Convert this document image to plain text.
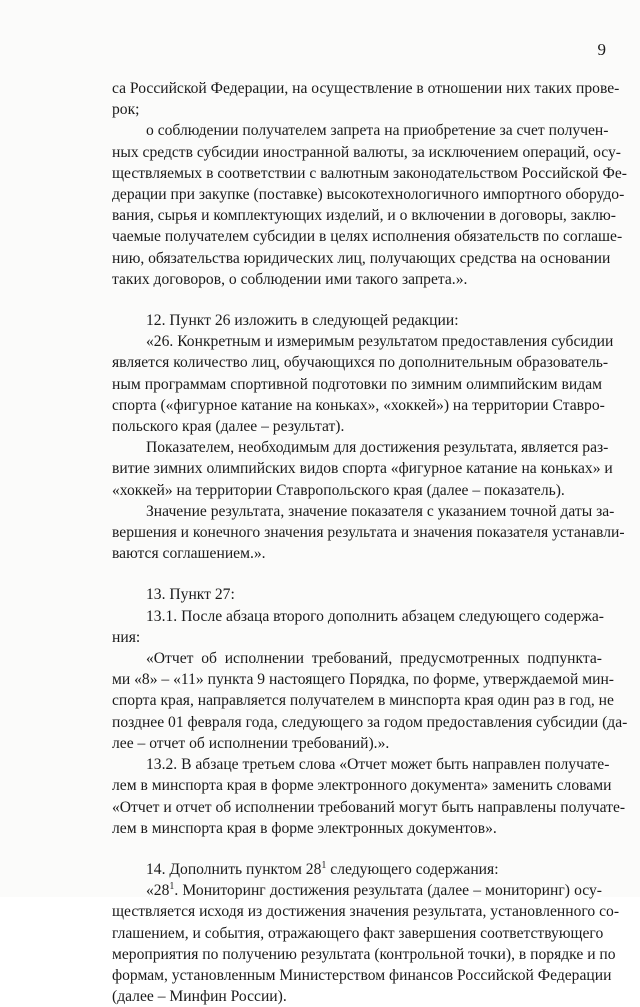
9
са Российской Федерации, на осуществление в отношении них таких прове-
рок;
о соблюдении получателем запрета на приобретение за счет получен-
ных средств субсидии иностранной валюты, за исключением операций, осу-
ществляемых в соответствии с валютным законодательством Российской Фе-
дерации при закупке (поставке) высокотехнологичного импортного оборудо-
вания, сырья и комплектующих изделий, и о включении в договоры, заклю-
чаемые получателем субсидии в целях исполнения обязательств по соглаше-
нию, обязательства юридических лиц, получающих средства на основании
таких договоров, о соблюдении ими такого запрета.».
12. Пункт 26 изложить в следующей редакции:
«26. Конкретным и измеримым результатом предоставления субсидии
является количество лиц, обучающихся по дополнительным образователь-
ным программам спортивной подготовки по зимним олимпийским видам
спорта («фигурное катание на коньках», «хоккей») на территории Ставро-
польского края (далее – результат).
Показателем, необходимым для достижения результата, является раз-
витие зимних олимпийских видов спорта «фигурное катание на коньках» и
«хоккей» на территории Ставропольского края (далее – показатель).
Значение результата, значение показателя с указанием точной даты за-
вершения и конечного значения результата и значения показателя устанавли-
ваются соглашением.».
13. Пункт 27:
13.1. После абзаца второго дополнить абзацем следующего содержа-
ния:
«Отчет об исполнении требований, предусмотренных подпункта-
ми «8» – «11» пункта 9 настоящего Порядка, по форме, утверждаемой мин-
спорта края, направляется получателем в минспорта края один раз в год, не
позднее 01 февраля года, следующего за годом предоставления субсидии (да-
лее – отчет об исполнении требований).».
13.2. В абзаце третьем слова «Отчет может быть направлен получате-
лем в минспорта края в форме электронного документа» заменить словами
«Отчет и отчет об исполнении требований могут быть направлены получате-
лем в минспорта края в форме электронных документов».
14. Дополнить пунктом $28^1$ следующего содержания:
«$28^1$. Мониторинг достижения результата (далее – мониторинг) осу-
ществляется исходя из достижения значения результата, установленного со-
глашением, и события, отражающего факт завершения соответствующего
мероприятия по получению результата (контрольной точки), в порядке и по
формам, установленным Министерством финансов Российской Федерации
(далее – Минфин России).
